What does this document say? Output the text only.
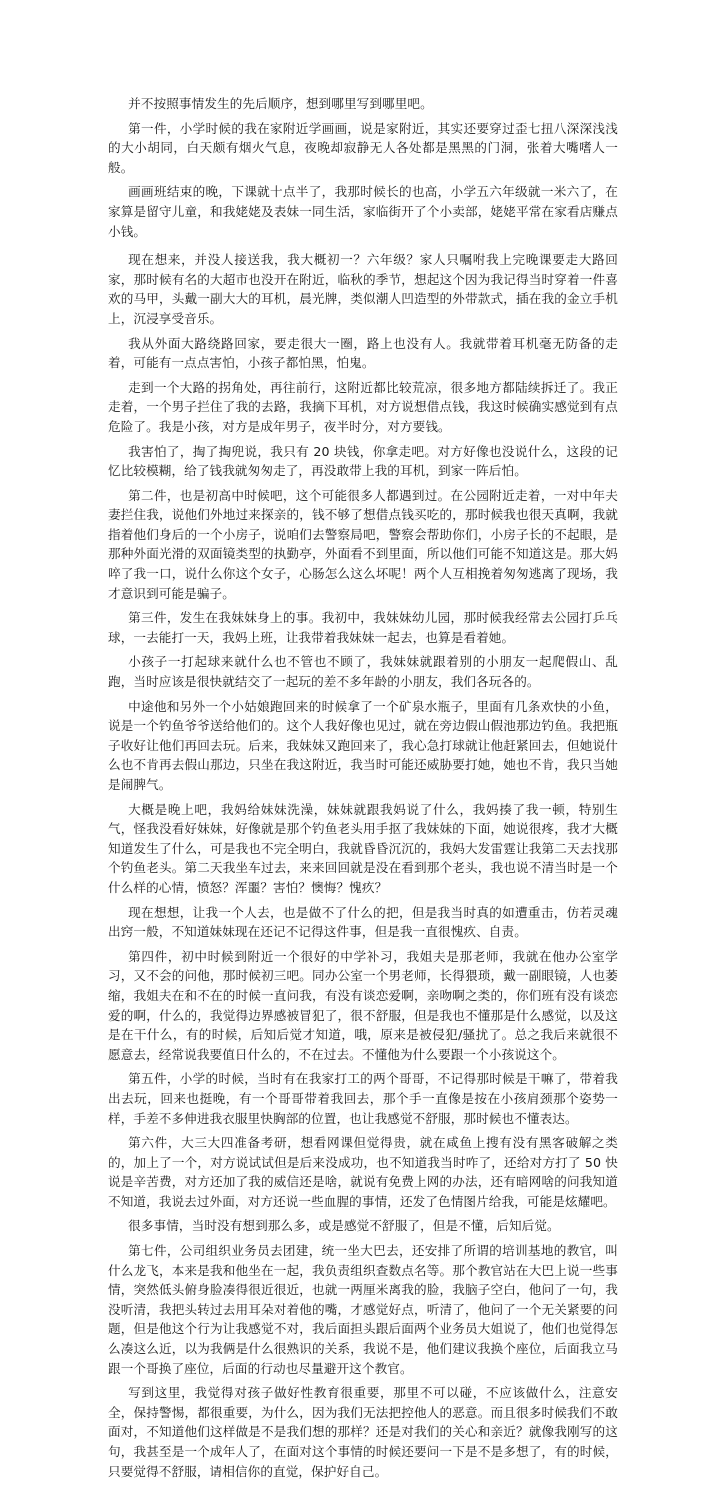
并不按照事情发生的先后顺序，想到哪里写到哪里吧。

第一件，小学时候的我在家附近学画画，说是家附近，其实还要穿过歪七扭八深深浅浅的大小胡同，白天颇有烟火气息，夜晚却寂静无人各处都是黑黑的门洞，张着大嘴嗜人一般。

画画班结束的晚，下课就十点半了，我那时候长的也高，小学五六年级就一米六了，在家算是留守儿童，和我姥姥及表妹一同生活，家临街开了个小卖部，姥姥平常在家看店赚点小钱。

现在想来，并没人接送我，我大概初一？六年级？家人只嘱咐我上完晚课要走大路回家，那时候有名的大超市也没开在附近，临秋的季节，想起这个因为我记得当时穿着一件喜欢的马甲，头戴一副大大的耳机，晨光牌，类似潮人凹造型的外带款式，插在我的金立手机上，沉浸享受音乐。

我从外面大路绕路回家，要走很大一圈，路上也没有人。我就带着耳机毫无防备的走着，可能有一点点害怕，小孩子都怕黑，怕鬼。

走到一个大路的拐角处，再往前行，这附近都比较荒凉，很多地方都陆续拆迁了。我正走着，一个男子拦住了我的去路，我摘下耳机，对方说想借点钱，我这时候确实感觉到有点危险了。我是小孩，对方是成年男子，夜半时分，对方要钱。

我害怕了，掏了掏兜说，我只有 20 块钱，你拿走吧。对方好像也没说什么，这段的记忆比较模糊，给了钱我就匆匆走了，再没敢带上我的耳机，到家一阵后怕。

第二件，也是初高中时候吧，这个可能很多人都遇到过。在公园附近走着，一对中年夫妻拦住我，说他们外地过来探亲的，钱不够了想借点钱买吃的，那时候我也很天真啊，我就指着他们身后的一个小房子，说咱们去警察局吧，警察会帮助你们，小房子长的不起眼，是那种外面光滑的双面镜类型的执勤亭，外面看不到里面，所以他们可能不知道这是。那大妈啐了我一口，说什么你这个女子，心肠怎么这么坏呢！两个人互相挽着匆匆逃离了现场，我才意识到可能是骗子。

第三件，发生在我妹妹身上的事。我初中，我妹妹幼儿园，那时候我经常去公园打乒乓球，一去能打一天，我妈上班，让我带着我妹妹一起去，也算是看着她。

小孩子一打起球来就什么也不管也不顾了，我妹妹就跟着别的小朋友一起爬假山、乱跑，当时应该是很快就结交了一起玩的差不多年龄的小朋友，我们各玩各的。

中途他和另外一个小姑娘跑回来的时候拿了一个矿泉水瓶子，里面有几条欢快的小鱼，说是一个钓鱼爷爷送给他们的。这个人我好像也见过，就在旁边假山假池那边钓鱼。我把瓶子收好让他们再回去玩。后来，我妹妹又跑回来了，我心急打球就让他赶紧回去，但她说什么也不肯再去假山那边，只坐在我这附近，我当时可能还威胁要打她，她也不肯，我只当她是闹脾气。

大概是晚上吧，我妈给妹妹洗澡，妹妹就跟我妈说了什么，我妈揍了我一顿，特别生气，怪我没看好妹妹，好像就是那个钓鱼老头用手抠了我妹妹的下面，她说很疼，我才大概知道发生了什么，可是我也不完全明白，我就昏昏沉沉的，我妈大发雷霆让我第二天去找那个钓鱼老头。第二天我坐车过去，来来回回就是没在看到那个老头，我也说不清当时是一个什么样的心情，愤怒？浑噩？害怕？懊悔？愧疚？

现在想想，让我一个人去，也是做不了什么的把，但是我当时真的如遭重击，仿若灵魂出窍一般，不知道妹妹现在还记不记得这件事，但是我一直很愧疚、自责。

第四件，初中时候到附近一个很好的中学补习，我姐夫是那老师，我就在他办公室学习，又不会的问他，那时候初三吧。同办公室一个男老师，长得猥琐，戴一副眼镜，人也萎缩，我姐夫在和不在的时候一直问我，有没有谈恋爱啊，亲吻啊之类的，你们班有没有谈恋爱的啊，什么的，我觉得边界感被冒犯了，很不舒服，但是我也不懂那是什么感觉，以及这是在干什么，有的时候，后知后觉才知道，哦，原来是被侵犯/骚扰了。总之我后来就很不愿意去，经常说我要值日什么的，不在过去。不懂他为什么要跟一个小孩说这个。

第五件，小学的时候，当时有在我家打工的两个哥哥，不记得那时候是干嘛了，带着我出去玩，回来也挺晚，有一个哥哥带着我回去，那个手一直像是按在小孩肩颈那个姿势一样，手差不多伸进我衣服里快胸部的位置，也让我感觉不舒服，那时候也不懂表达。

第六件，大三大四准备考研，想看网课但觉得贵，就在咸鱼上搜有没有黑客破解之类的，加上了一个，对方说试试但是后来没成功，也不知道我当时咋了，还给对方打了 50 快说是辛苦费，对方还加了我的威信还是啥，就说有免费上网的办法，还有暗网啥的问我知道不知道，我说去过外面，对方还说一些血腥的事情，还发了色情图片给我，可能是炫耀吧。

很多事情，当时没有想到那么多，或是感觉不舒服了，但是不懂，后知后觉。

第七件，公司组织业务员去团建，统一坐大巴去，还安排了所谓的培训基地的教官，叫什么龙飞，本来是我和他坐在一起，我负责组织查数点名等。那个教官站在大巴上说一些事情，突然低头俯身脸凑得很近很近，也就一两厘米离我的脸，我脑子空白，他问了一句，我没听清，我把头转过去用耳朵对着他的嘴，才感觉好点，听清了，他问了一个无关紧要的问题，但是他这个行为让我感觉不对，我后面担头跟后面两个业务员大姐说了，他们也觉得怎么凑这么近，以为我俩是什么很熟识的关系，我说不是，他们建议我换个座位，后面我立马跟一个哥换了座位，后面的行动也尽量避开这个教官。

写到这里，我觉得对孩子做好性教育很重要，那里不可以碰，不应该做什么，注意安全，保持警惕，都很重要，为什么，因为我们无法把控他人的恶意。而且很多时候我们不敢面对，不知道他们这样做是不是我们想的那样？还是对我们的关心和亲近？就像我刚写的这句，我甚至是一个成年人了，在面对这个事情的时候还要问一下是不是多想了，有的时候，只要觉得不舒服，请相信你的直觉，保护好自己。
